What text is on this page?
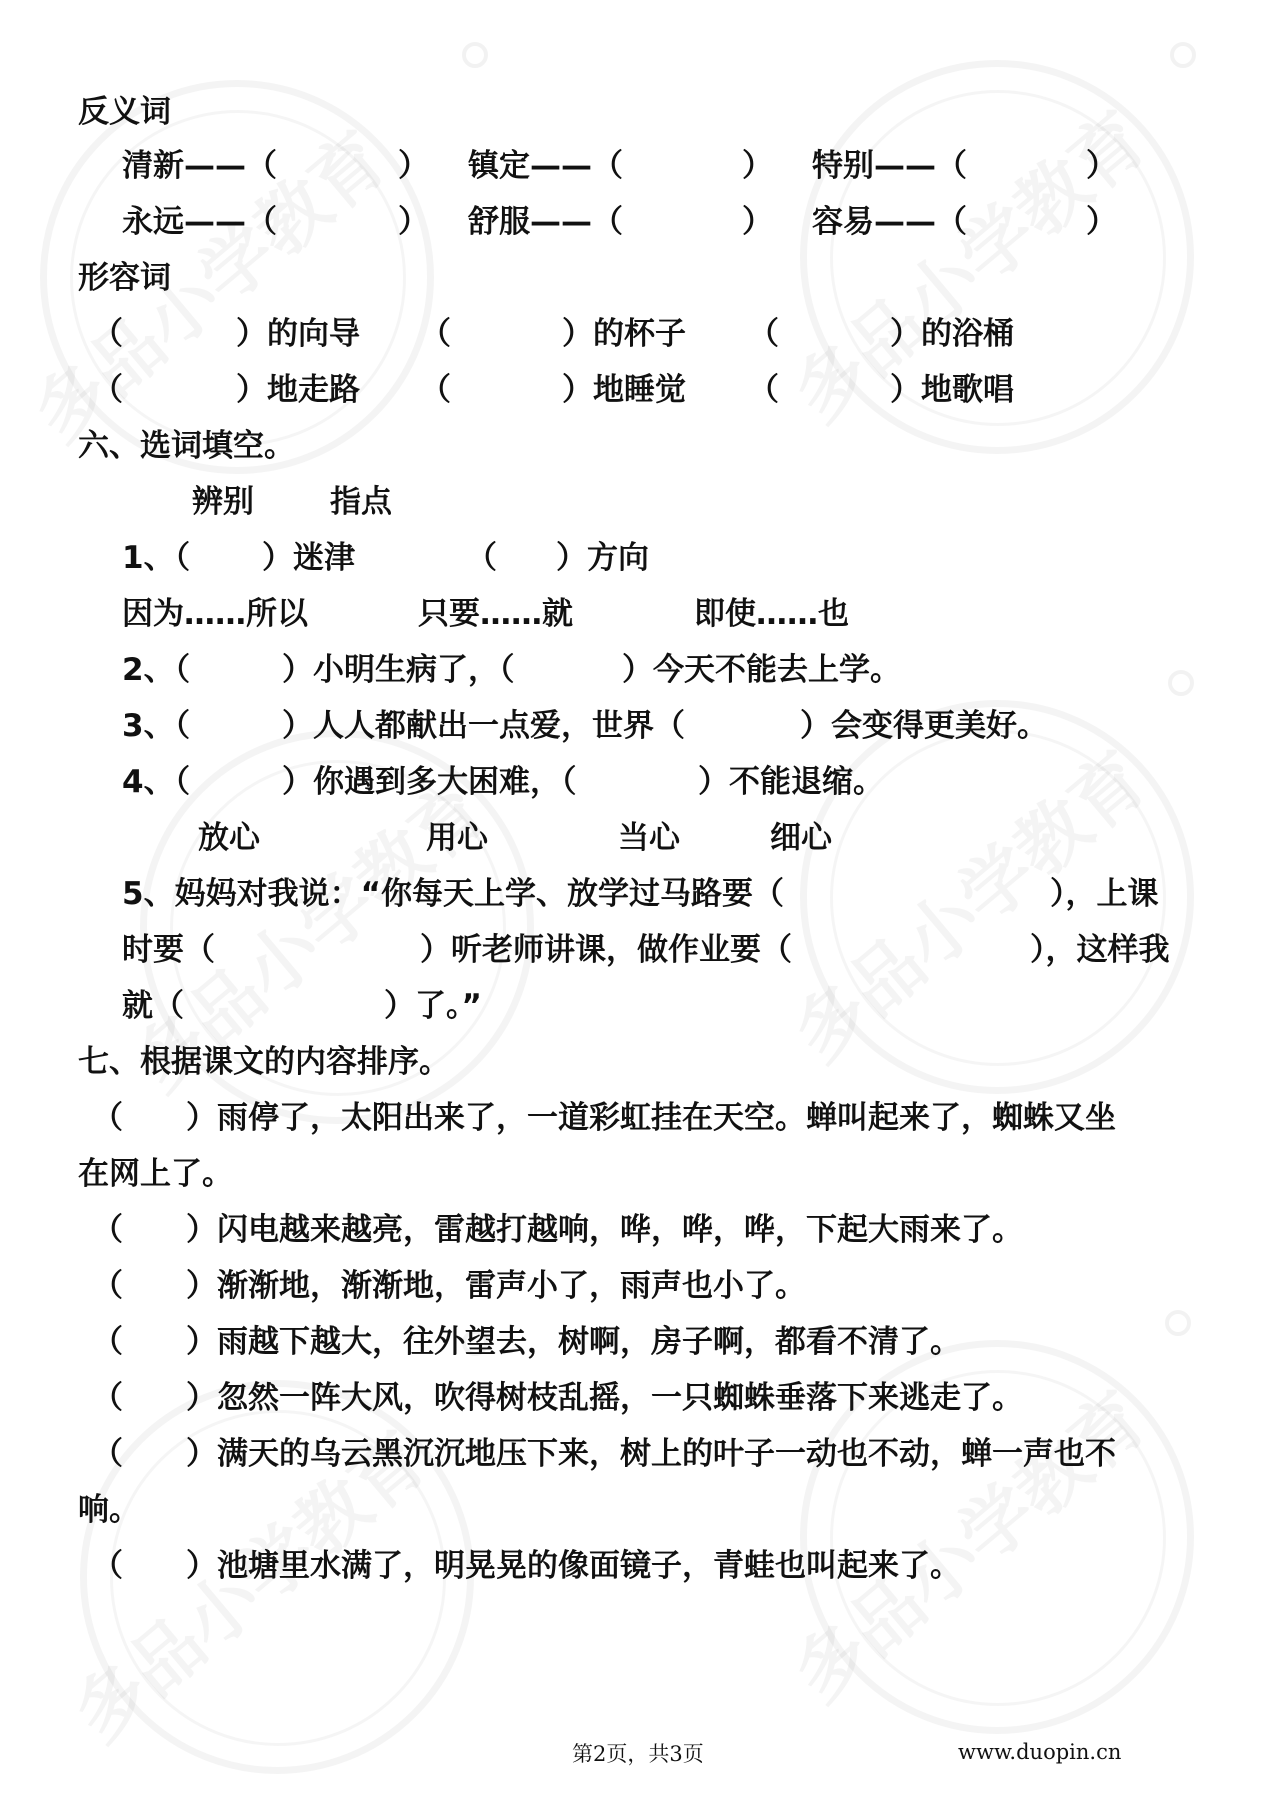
反义词
清新——（	） 镇定——（	） 特别——（	）
永远——（	） 舒服——（	） 容易——（	）
形容词
（	）的向导 （	）的杯子 （	）的浴桶
（	）地走路 （	）地睡觉 （	）地歌唱
六、选词填空。
辨别 指点
1、（ ）迷津	（ ）方向
因为……所以	只要……就	即使……也
2、（	）小明生病了，（	）今天不能去上学。
3、（	）人人都献出一点爱，世界（	）会变得更美好。
4、（	）你遇到多大困难，（	）不能退缩。
放心	用心	当心	细心
5、妈妈对我说：“你每天上学、放学过马路要（	），上课
时要（	）听老师讲课，做作业要（	），这样我
就（	）了。”
七、根据课文的内容排序。
（ ）雨停了，太阳出来了，一道彩虹挂在天空。蝉叫起来了，蜘蛛又坐
在网上了。
（ ）闪电越来越亮，雷越打越响，哗，哗，哗，下起大雨来了。
（ ）渐渐地，渐渐地，雷声小了，雨声也小了。
（ ）雨越下越大，往外望去，树啊，房子啊，都看不清了。
（ ）忽然一阵大风，吹得树枝乱摇，一只蜘蛛垂落下来逃走了。
（ ）满天的乌云黑沉沉地压下来，树上的叶子一动也不动，蝉一声也不
响。
（ ）池塘里水满了，明晃晃的像面镜子，青蛙也叫起来了。
第2页，共3页	www.duopin.cn
